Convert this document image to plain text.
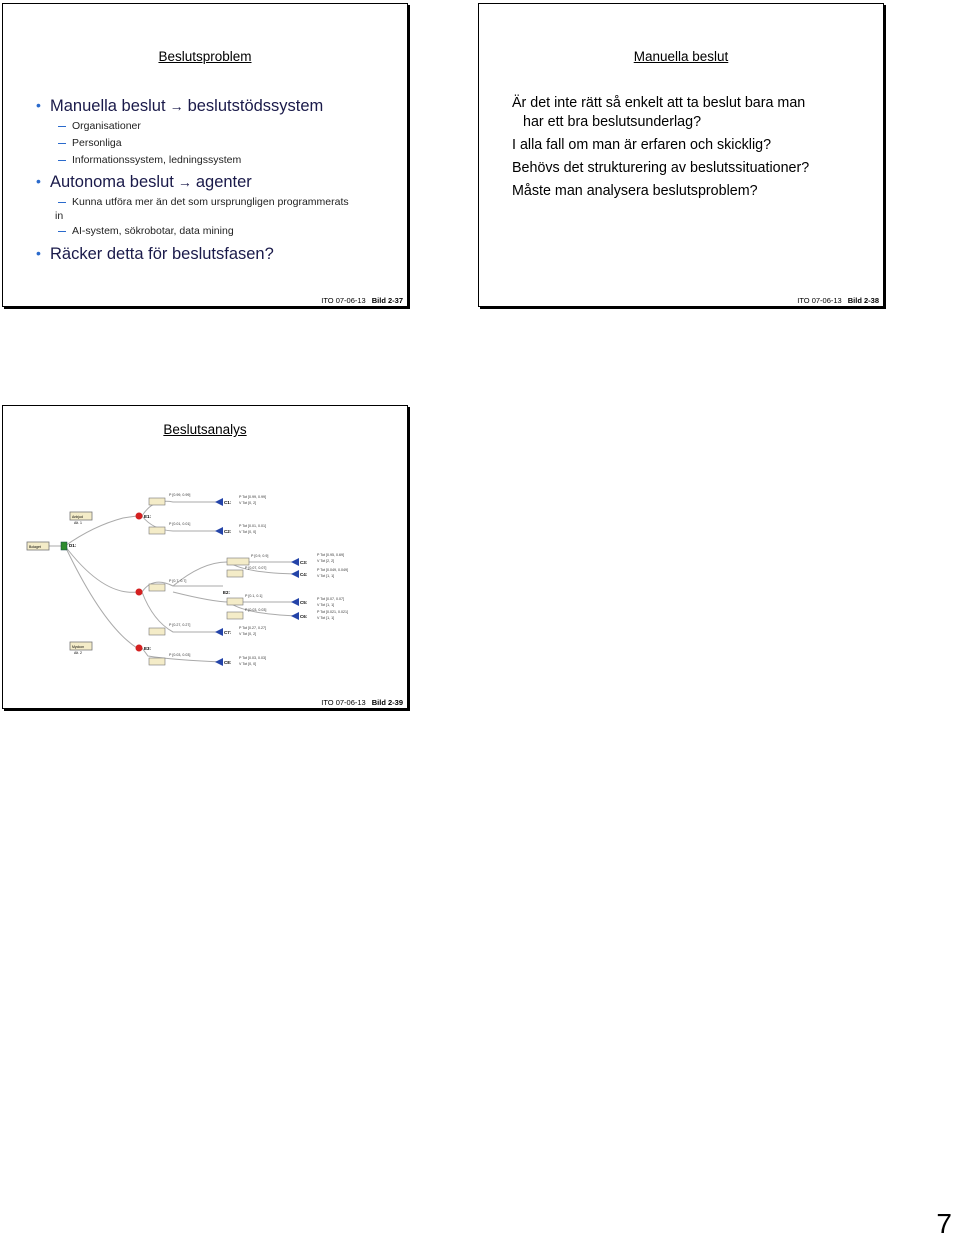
Beslutsproblem
• Manuella beslut → beslutstödssystem
Organisationer
Personliga
Informationssystem, ledningssystem
• Autonoma beslut → agenter
Kunna utföra mer än det som ursprungligen programmerats
in
AI-system, sökrobotar, data mining
• Räcker detta för beslutsfasen?
ITO 07-06-13 Bild 2-37
Manuella beslut
Är det inte rätt så enkelt att ta beslut bara man
har ett bra beslutsunderlag?
I alla fall om man är erfaren och skicklig?
Behövs det strukturering av beslutssituationer?
Måste man analysera beslutsproblem?
ITO 07-06-13 Bild 2-38
Beslutsanalys
Bolaget	D1:
Anbjud
Alt. 1
Myckon
Alt. 2
E1:
E2:
E3:
C1:
C2:
C3:
C4:
C5:
C6:
C7:
C8:
P [0.99, 0.99]
P [0.01, 0.01]
P [0.7, 0.7]
P [0.27, 0.27]
P [0.03, 0.03]
P [0.9, 0.9]
P [0.07, 0.07]
P [0.1, 0.1]
P [0.03, 0.03]
P Tot [0.99, 0.99]
V Tot [0, 2]
P Tot [0.01, 0.01]
V Tot [0, 0]
P Tot [0.95, 0.69]
V Tot [2, 2]
P Tot [0.049, 0.049]
V Tot [1, 1]
P Tot [0.07, 0.07]
V Tot [1, 1]
P Tot [0.021, 0.021]
V Tot [1, 1]
P Tot [0.27, 0.27]
V Tot [0, 2]
P Tot [0.03, 0.03]
V Tot [0, 0]
ITO 07-06-13 Bild 2-39
7
